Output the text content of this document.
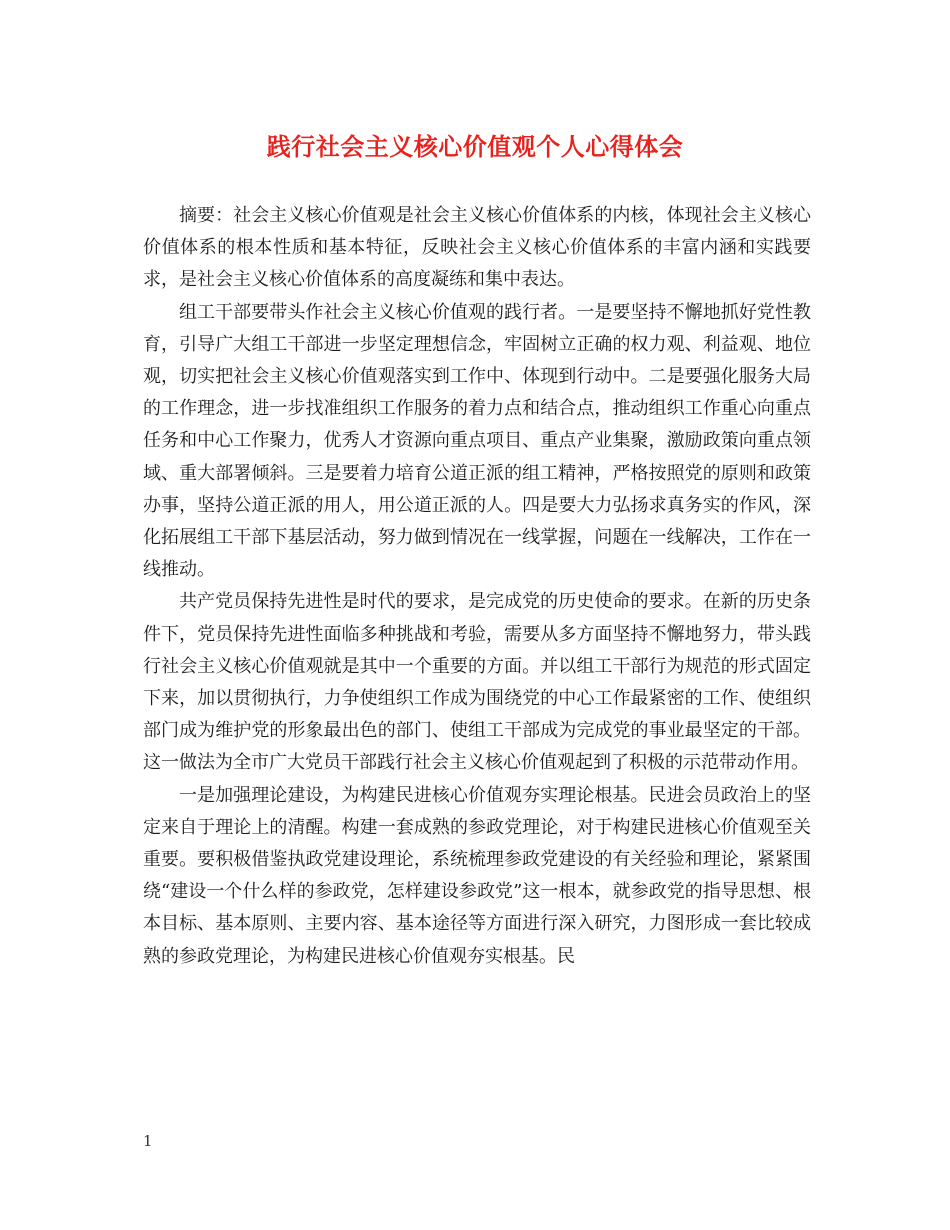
践行社会主义核心价值观个人心得体会

摘要：社会主义核心价值观是社会主义核心价值体系的内核，体现社会主义核心价值体系的根本性质和基本特征，反映社会主义核心价值体系的丰富内涵和实践要求，是社会主义核心价值体系的高度凝练和集中表达。

组工干部要带头作社会主义核心价值观的践行者。一是要坚持不懈地抓好党性教育，引导广大组工干部进一步坚定理想信念，牢固树立正确的权力观、利益观、地位观，切实把社会主义核心价值观落实到工作中、体现到行动中。二是要强化服务大局的工作理念，进一步找准组织工作服务的着力点和结合点，推动组织工作重心向重点任务和中心工作聚力，优秀人才资源向重点项目、重点产业集聚，激励政策向重点领域、重大部署倾斜。三是要着力培育公道正派的组工精神，严格按照党的原则和政策办事，坚持公道正派的用人，用公道正派的人。四是要大力弘扬求真务实的作风，深化拓展组工干部下基层活动，努力做到情况在一线掌握，问题在一线解决，工作在一线推动。

共产党员保持先进性是时代的要求，是完成党的历史使命的要求。在新的历史条件下，党员保持先进性面临多种挑战和考验，需要从多方面坚持不懈地努力，带头践行社会主义核心价值观就是其中一个重要的方面。并以组工干部行为规范的形式固定下来，加以贯彻执行，力争使组织工作成为围绕党的中心工作最紧密的工作、使组织部门成为维护党的形象最出色的部门、使组工干部成为完成党的事业最坚定的干部。这一做法为全市广大党员干部践行社会主义核心价值观起到了积极的示范带动作用。

一是加强理论建设，为构建民进核心价值观夯实理论根基。民进会员政治上的坚定来自于理论上的清醒。构建一套成熟的参政党理论，对于构建民进核心价值观至关重要。要积极借鉴执政党建设理论，系统梳理参政党建设的有关经验和理论，紧紧围绕“建设一个什么样的参政党，怎样建设参政党”这一根本，就参政党的指导思想、根本目标、基本原则、主要内容、基本途径等方面进行深入研究，力图形成一套比较成熟的参政党理论，为构建民进核心价值观夯实根基。民

1
